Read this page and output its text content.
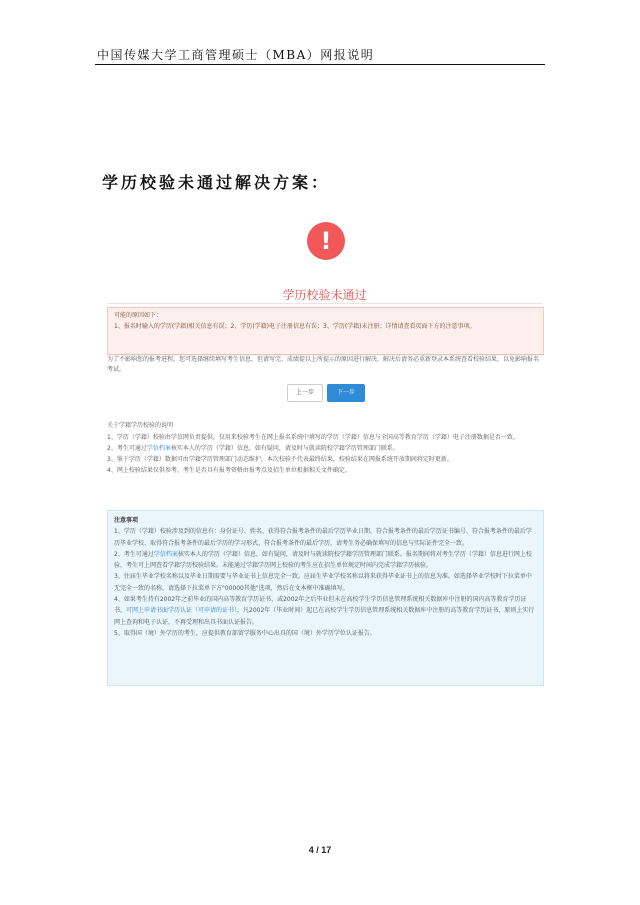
中国传媒大学工商管理硕士（MBA）网报说明
学历校验未通过解决方案：
!
学历校验未通过
可能的原因如下：
1、报名时输入的学历(学籍)相关信息有误；2、学历(学籍)电子注册信息有误；3、学历(学籍)未注册；详情请查看页面下方的注意事项。
为了不影响您的报考进程，您可选择继续填写考生信息，但请写完、成绩提以上所提示的原因进行解决，解决后请务必重新登录本系统查看校验结果，以免影响报名考试。
上一步	下一步
关于学籍学历校验的说明
1、学历（学籍）校验由学信网负责提供，仅用来校验考生在网上报名系统中填写的学历（学籍）信息与全国高等教育学历（学籍）电子注册数据是否一致。
2、考生可通过学信档案核实本人的学历（学籍）信息，如有疑问，请及时与就读院校学籍学历管理部门联系。
3、鉴于学历（学籍）数据可由学籍学历管理部门动态维护，本次校验不代表最终结果，校验结果在网报系统开放期间将定时更新。
4、网上校验结果仅供参考，考生是否具有报考资格由报考点及招生单位根据相关文件确定。
注意事项
1、学历（学籍）校验涉及到的信息有：身份证号、姓名、获得符合报考条件的最后学历毕业日期、符合报考条件的最后学历证书编号、符合报考条件的最后学历毕业学校、取得符合报考条件的最后学历的学习形式、符合报考条件的最后学历，请考生务必确保填写的信息与实际证件完全一致。
2、考生可通过学信档案核实本人的学历（学籍）信息，如有疑问，请及时与就读院校学籍学历管理部门联系。报名期间将对考生学历（学籍）信息进行网上校验，考生可上网查看学籍学历校验结果。未能通过学籍学历网上校验的考生应在招生单位规定时间内完成学籍学历核验。
3、往届生毕业学校名称以及毕业日期需要与毕业证书上信息完全一致。应届生毕业学校名称以将来获得毕业证书上的信息为准。如选择毕业学校时下拉菜单中无完全一致的名称，请选择下拉菜单下方"00000其他"选项，然后在文本框中准确填写。
4、如果考生持有2002年之前毕业的国内高等教育学历证书，或2002年之后毕业但未在高校学生学历信息管理系统相关数据库中注册的国内高等教育学历证书，可网上申请书面学历认证（可申请的证书），凡2002年（毕业时间）起已在高校学生学历信息管理系统相关数据库中注册的高等教育学历证书，原则上实行网上查询和电子认证，不再受理和出具书面认证报告。
5、取得国（境）外学历的考生，应提供教育部留学服务中心出具的国（境）外学历学位认证报告。
4 / 17
